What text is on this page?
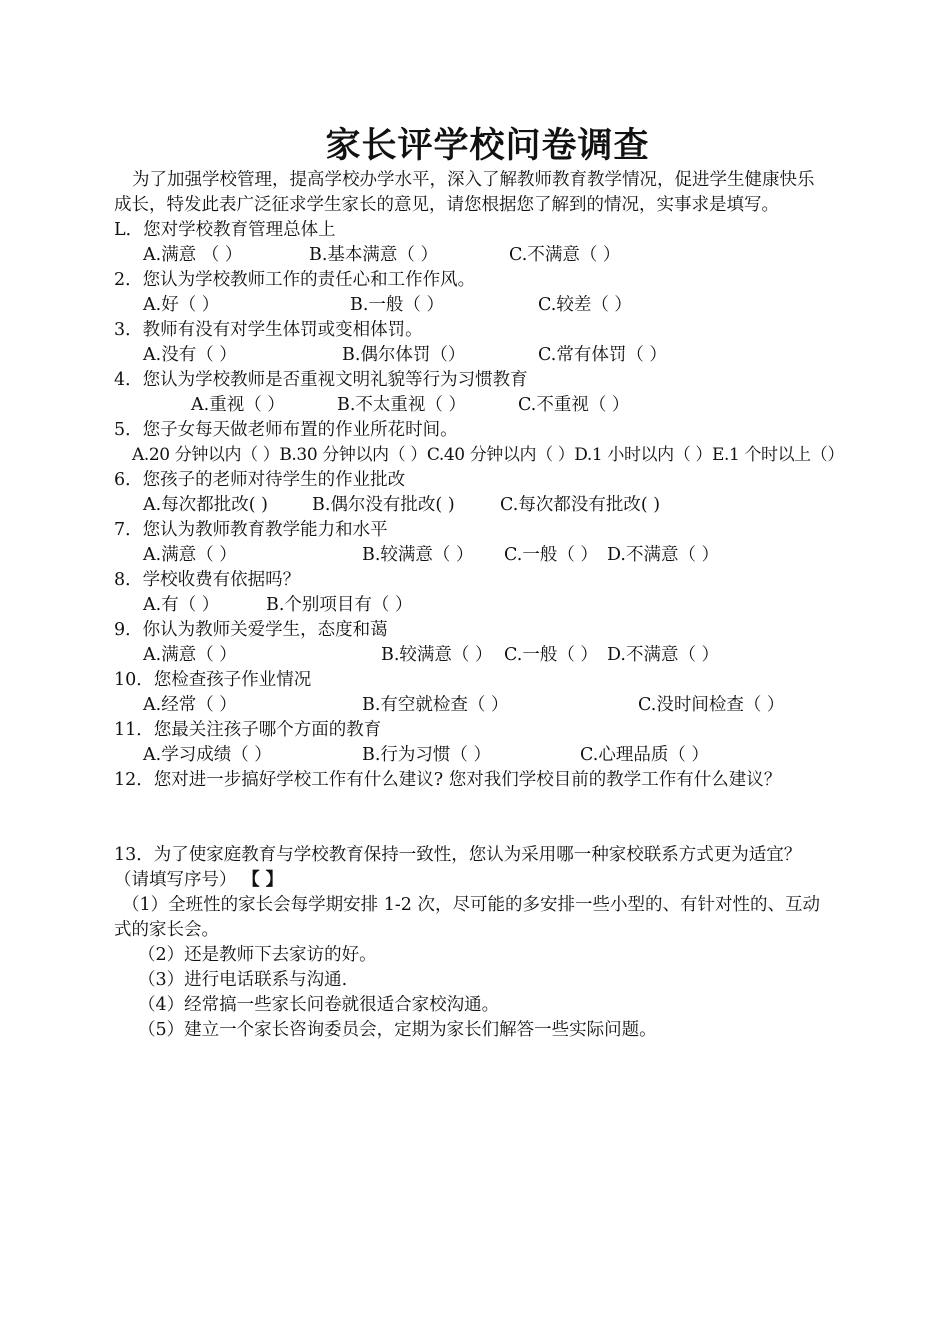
家长评学校问卷调查
为了加强学校管理，提高学校办学水平，深入了解教师教育教学情况，促进学生健康快乐
成长，特发此表广泛征求学生家长的意见，请您根据您了解到的情况，实事求是填写。
L．您对学校教育管理总体上
A.满意 （ ）	B.基本满意（ ）	C.不满意（ ）
2．您认为学校教师工作的责任心和工作作风。
A.好（ ）	B.一般（ ）	C.较差（ ）
3．教师有没有对学生体罚或变相体罚。
A.没有（ ）	B.偶尔体罚（）	C.常有体罚（ ）
4．您认为学校教师是否重视文明礼貌等行为习惯教育
A.重视（ ）	B.不太重视（ ）	C.不重视（ ）
5．您子女每天做老师布置的作业所花时间。
A.20 分钟以内（ ）B.30 分钟以内（ ）C.40 分钟以内（ ）D.1 小时以内（ ）E.1 个时以上（）
6．您孩子的老师对待学生的作业批改
A.每次都批改( )	B.偶尔没有批改( )	C.每次都没有批改( )
7．您认为教师教育教学能力和水平
A.满意（ ）	B.较满意（ ） C.一般（ ） D.不满意（ ）
8．学校收费有依据吗？
A.有（ ）	B.个别项目有（ ）
9．你认为教师关爱学生，态度和蔼
A.满意（ ）	B.较满意（ ） C.一般（ ） D.不满意（ ）
10．您检查孩子作业情况
A.经常（ ）	B.有空就检查（ ）	C.没时间检查（ ）
11．您最关注孩子哪个方面的教育
A.学习成绩（ ）	B.行为习惯（ ）	C.心理品质（ ）
12．您对进一步搞好学校工作有什么建议? 您对我们学校目前的教学工作有什么建议？
13．为了使家庭教育与学校教育保持一致性，您认为采用哪一种家校联系方式更为适宜？
（请填写序号） 【 】
（1）全班性的家长会每学期安排 1-2 次，尽可能的多安排一些小型的、有针对性的、互动
式的家长会。
（2）还是教师下去家访的好。
（3）进行电话联系与沟通.
（4）经常搞一些家长问卷就很适合家校沟通。
（5）建立一个家长咨询委员会，定期为家长们解答一些实际问题。
